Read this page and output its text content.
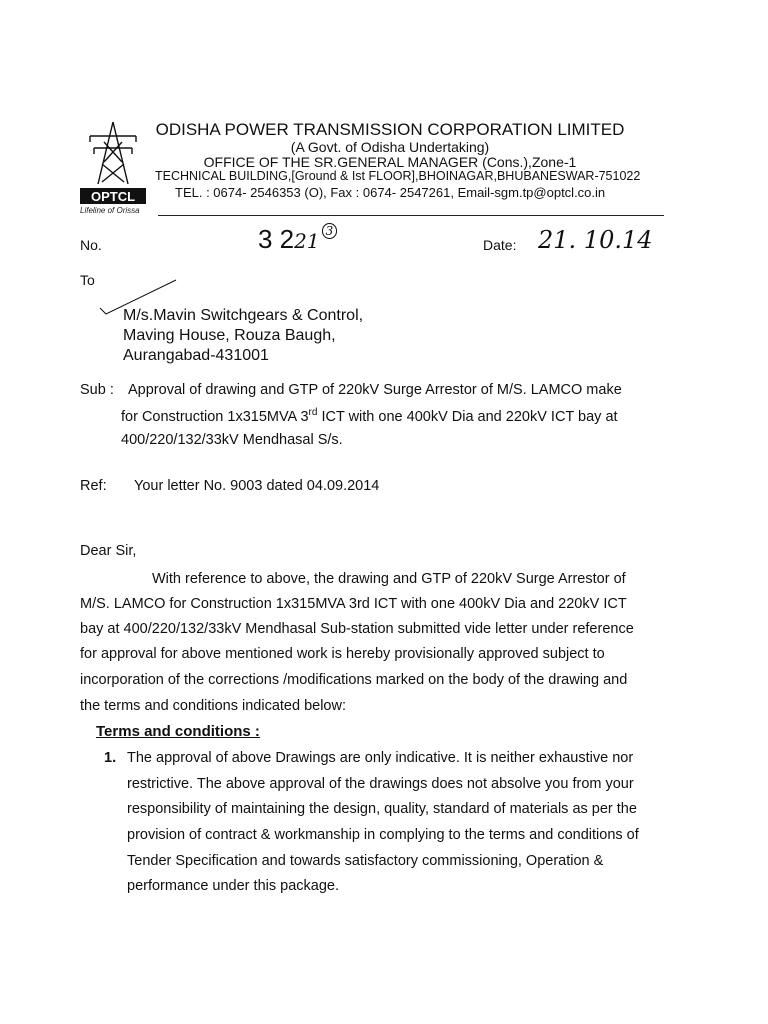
OPTCL
Lifeline of Orissa
ODISHA POWER TRANSMISSION CORPORATION LIMITED
(A Govt. of Odisha Undertaking)
OFFICE OF THE SR.GENERAL MANAGER (Cons.),Zone-1
TECHNICAL BUILDING,[Ground & Ist FLOOR],BHOINAGAR,BHUBANESWAR-751022
TEL. : 0674- 2546353 (O), Fax : 0674- 2547261, Email-sgm.tp@optcl.co.in
No.	3 221 $^3$
Date: 21. 10.14
To
M/s.Mavin Switchgears & Control,
Maving House, Rouza Baugh,
Aurangabad-431001
Sub : Approval of drawing and GTP of 220kV Surge Arrestor of M/S. LAMCO make
for Construction 1x315MVA 3rd ICT with one 400kV Dia and 220kV ICT bay at
400/220/132/33kV Mendhasal S/s.
Ref: Your letter No. 9003 dated 04.09.2014
Dear Sir,
With reference to above, the drawing and GTP of 220kV Surge Arrestor of
M/S. LAMCO for Construction 1x315MVA 3rd ICT with one 400kV Dia and 220kV ICT
bay at 400/220/132/33kV Mendhasal Sub-station submitted vide letter under reference
for approval for above mentioned work is hereby provisionally approved subject to
incorporation of the corrections /modifications marked on the body of the drawing and
the terms and conditions indicated below:
Terms and conditions :
1. The approval of above Drawings are only indicative. It is neither exhaustive nor
restrictive. The above approval of the drawings does not absolve you from your
responsibility of maintaining the design, quality, standard of materials as per the
provision of contract & workmanship in complying to the terms and conditions of
Tender Specification and towards satisfactory commissioning, Operation &
performance under this package.
